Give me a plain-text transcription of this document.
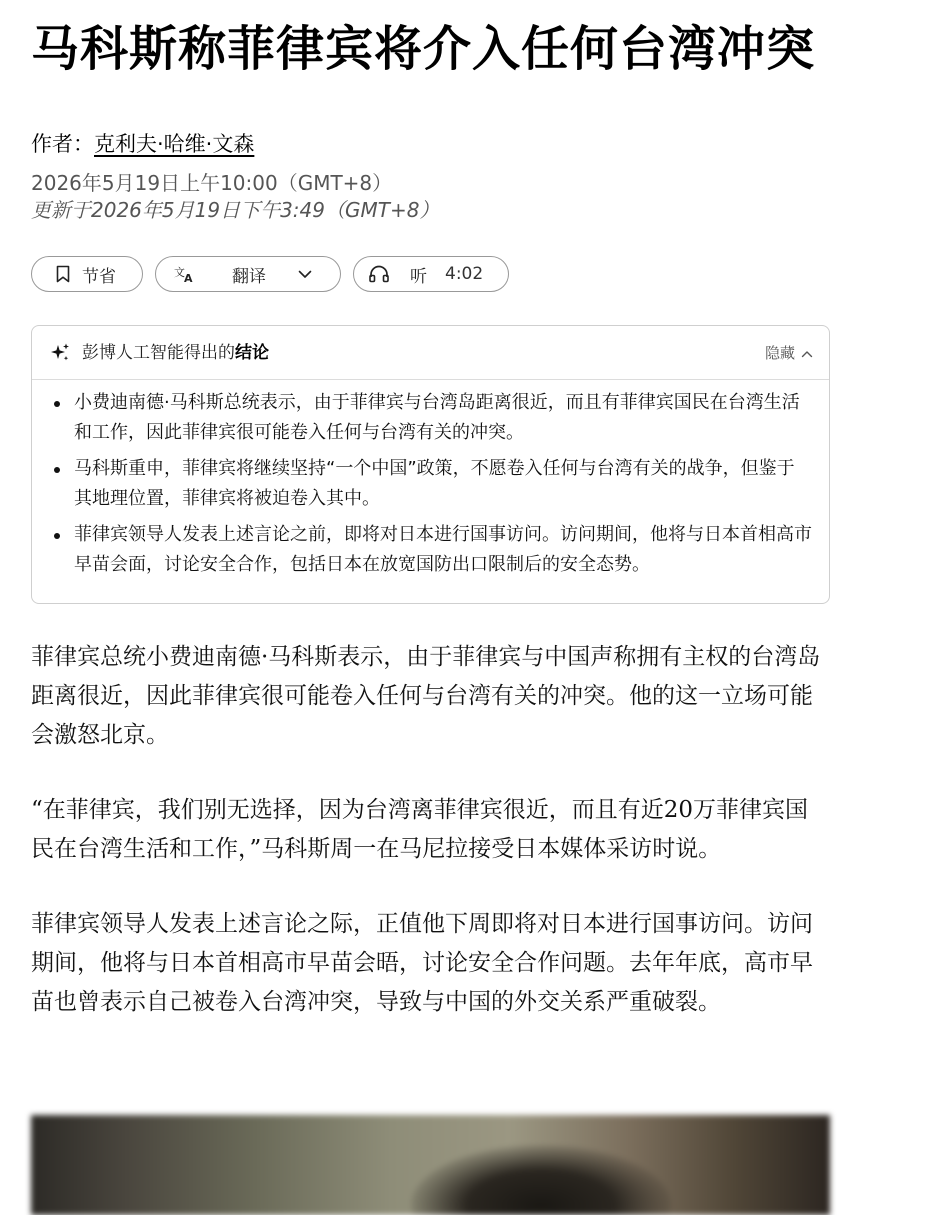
马科斯称菲律宾将介入任何台湾冲突
作者：克利夫·哈维·文森
2026年5月19日上午10:00（GMT+8）
更新于2026年5月19日下午3:49（GMT+8）
节省	文 A 翻译	听 4:02
彭博人工智能得出的结论	隐藏
小费迪南德·马科斯总统表示，由于菲律宾与台湾岛距离很近，而且有菲律宾国民在台湾生活和工作，因此菲律宾很可能卷入任何与台湾有关的冲突。
马科斯重申，菲律宾将继续坚持“一个中国”政策，不愿卷入任何与台湾有关的战争，但鉴于其地理位置，菲律宾将被迫卷入其中。
菲律宾领导人发表上述言论之前，即将对日本进行国事访问。访问期间，他将与日本首相高市早苗会面，讨论安全合作，包括日本在放宽国防出口限制后的安全态势。

菲律宾总统小费迪南德·马科斯表示，由于菲律宾与中国声称拥有主权的台湾岛距离很近，因此菲律宾很可能卷入任何与台湾有关的冲突。他的这一立场可能会激怒北京。

“在菲律宾，我们别无选择，因为台湾离菲律宾很近，而且有近20万菲律宾国民在台湾生活和工作，”马科斯周一在马尼拉接受日本媒体采访时说。

菲律宾领导人发表上述言论之际，正值他下周即将对日本进行国事访问。访问期间，他将与日本首相高市早苗会晤，讨论安全合作问题。去年年底，高市早苗也曾表示自己被卷入台湾冲突，导致与中国的外交关系严重破裂。
